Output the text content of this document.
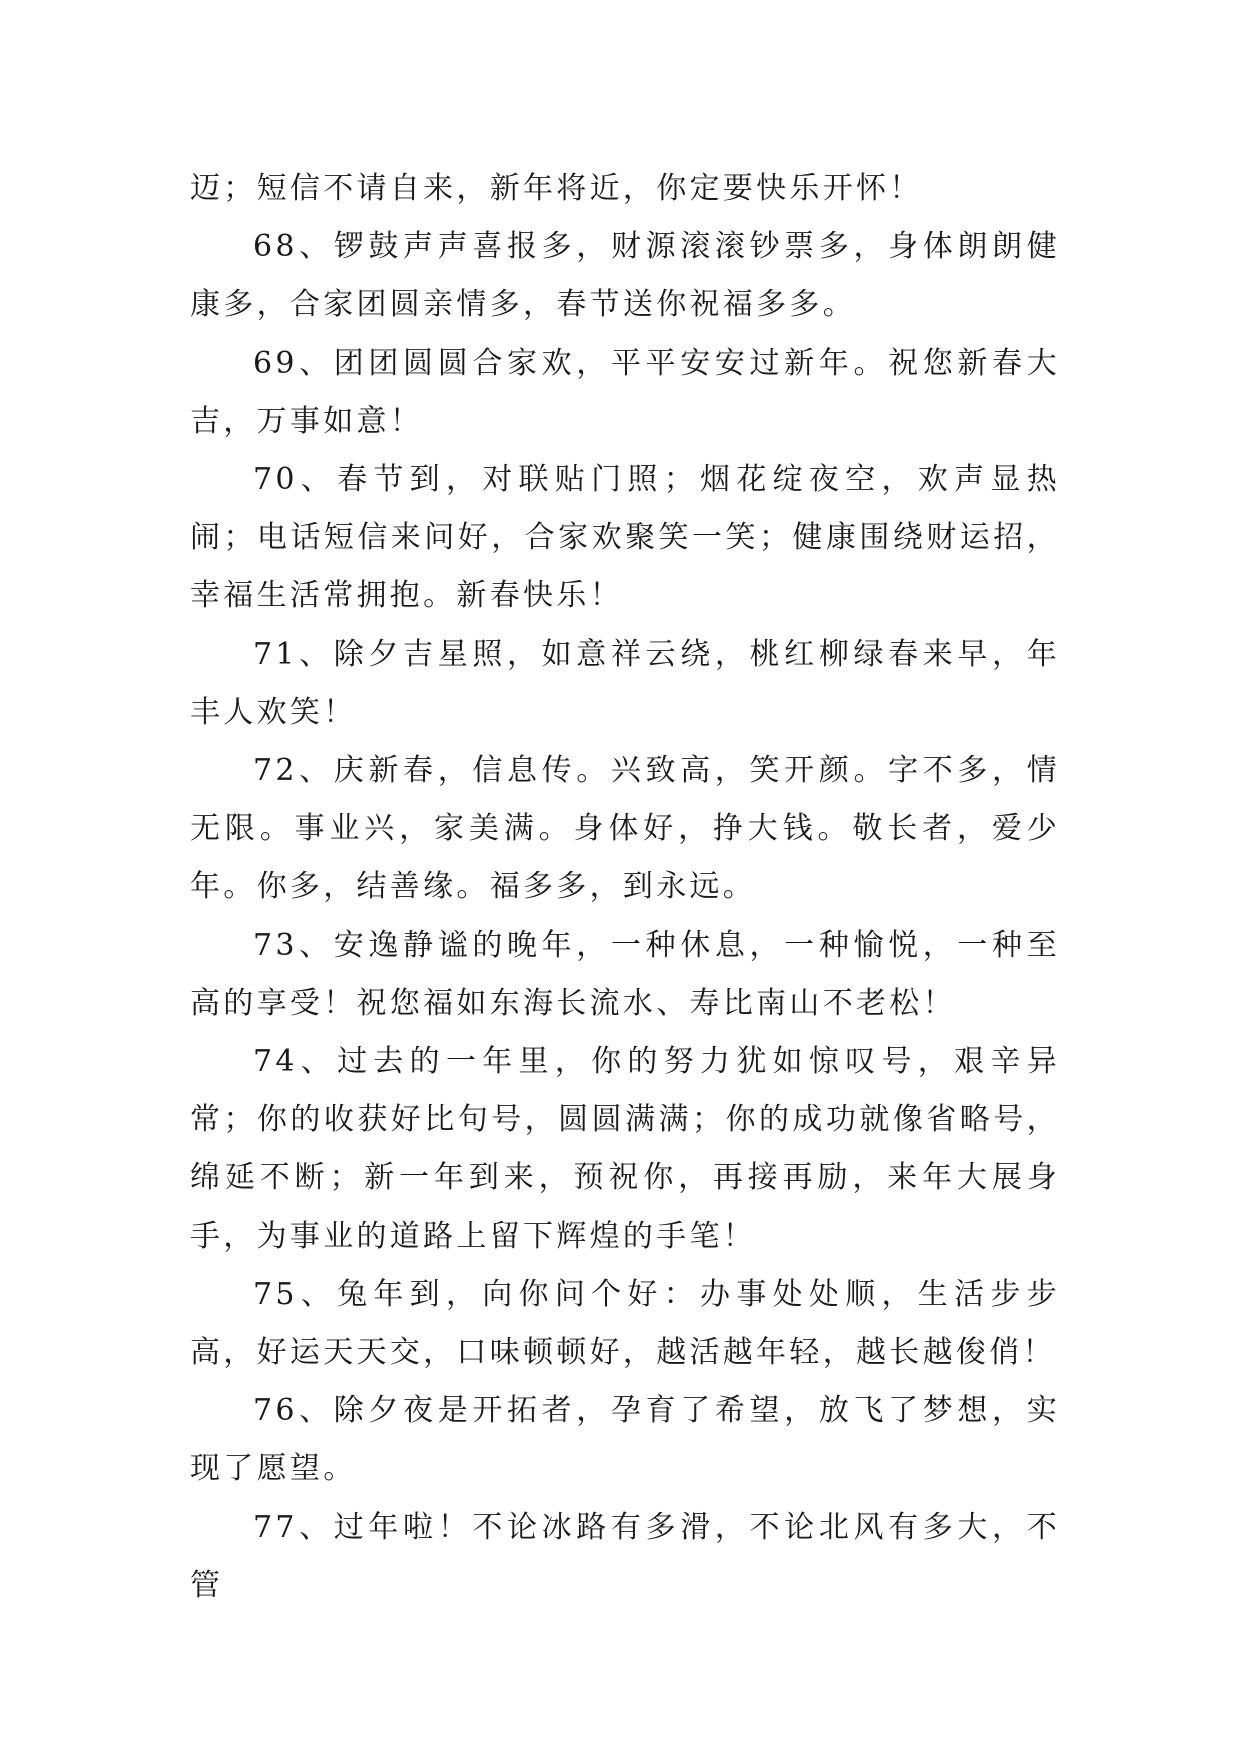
迈；短信不请自来，新年将近，你定要快乐开怀！

68、锣鼓声声喜报多，财源滚滚钞票多，身体朗朗健康多，合家团圆亲情多，春节送你祝福多多。

69、团团圆圆合家欢，平平安安过新年。祝您新春大吉，万事如意！

70、春节到，对联贴门照；烟花绽夜空，欢声显热闹；电话短信来问好，合家欢聚笑一笑；健康围绕财运招，幸福生活常拥抱。新春快乐！

71、除夕吉星照，如意祥云绕，桃红柳绿春来早，年丰人欢笑！

72、庆新春，信息传。兴致高，笑开颜。字不多，情无限。事业兴，家美满。身体好，挣大钱。敬长者，爱少年。你多，结善缘。福多多，到永远。

73、安逸静谧的晚年，一种休息，一种愉悦，一种至高的享受！祝您福如东海长流水、寿比南山不老松！

74、过去的一年里，你的努力犹如惊叹号，艰辛异常；你的收获好比句号，圆圆满满；你的成功就像省略号，绵延不断；新一年到来，预祝你，再接再励，来年大展身手，为事业的道路上留下辉煌的手笔！

75、兔年到，向你问个好：办事处处顺，生活步步高，好运天天交，口味顿顿好，越活越年轻，越长越俊俏！

76、除夕夜是开拓者，孕育了希望，放飞了梦想，实现了愿望。

77、过年啦！不论冰路有多滑，不论北风有多大，不管
